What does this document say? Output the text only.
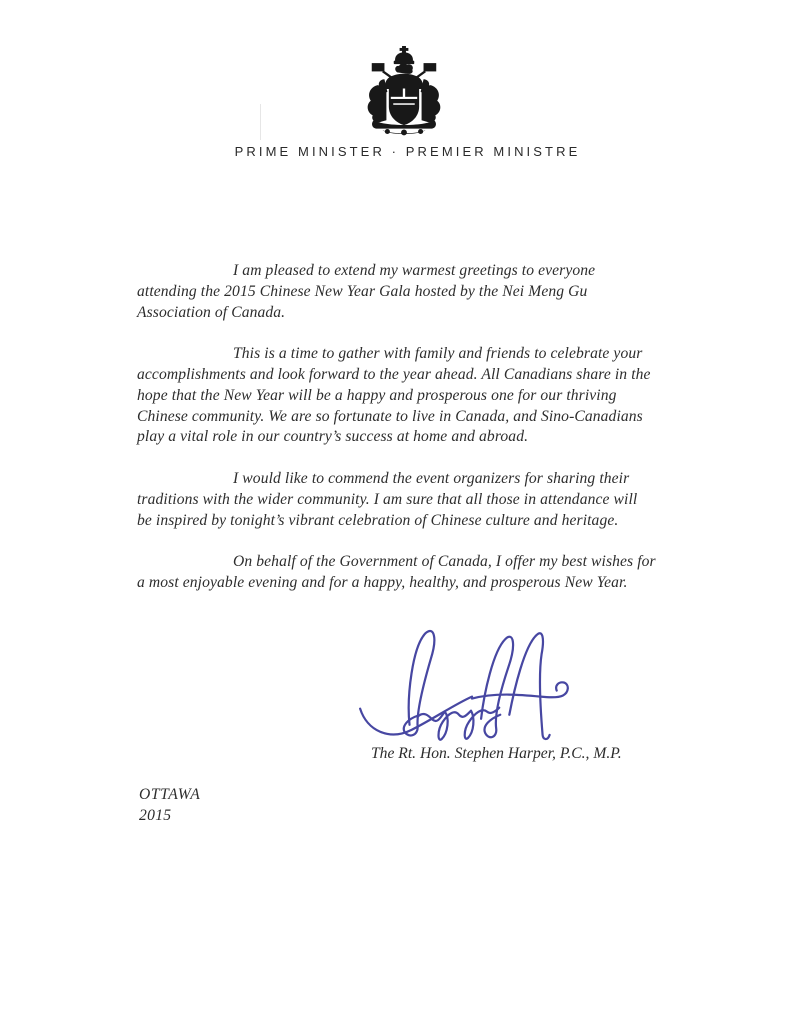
PRIME MINISTER · PREMIER MINISTRE
I am pleased to extend my warmest greetings to everyone
attending the 2015 Chinese New Year Gala hosted by the Nei Meng Gu
Association of Canada.
This is a time to gather with family and friends to celebrate your
accomplishments and look forward to the year ahead. All Canadians share in the
hope that the New Year will be a happy and prosperous one for our thriving
Chinese community. We are so fortunate to live in Canada, and Sino-Canadians
play a vital role in our country’s success at home and abroad.
I would like to commend the event organizers for sharing their
traditions with the wider community. I am sure that all those in attendance will
be inspired by tonight’s vibrant celebration of Chinese culture and heritage.
On behalf of the Government of Canada, I offer my best wishes for
a most enjoyable evening and for a happy, healthy, and prosperous New Year.
The Rt. Hon. Stephen Harper, P.C., M.P.
OTTAWA
2015
